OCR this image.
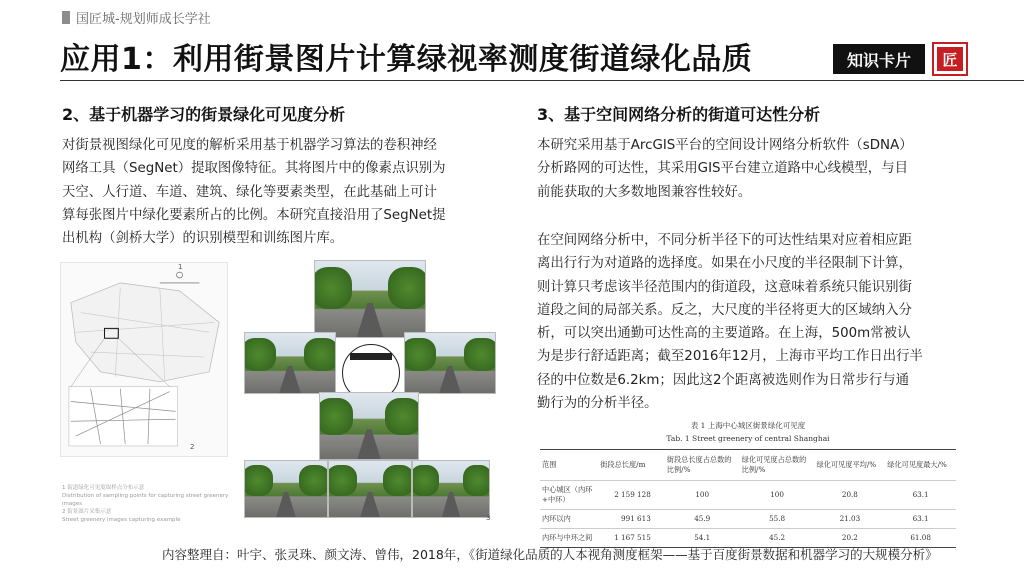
国匠城-规划师成长学社
应用1：利用街景图片计算绿视率测度街道绿化品质	知识卡片	匠
2、基于机器学习的街景绿化可见度分析
对街景视图绿化可见度的解析采用基于机器学习算法的卷积神经
网络工具（SegNet）提取图像特征。其将图片中的像素点识别为
天空、人行道、车道、建筑、绿化等要素类型，在此基础上可计
算每张图片中绿化要素所占的比例。本研究直接沿用了SegNet提
出机构（剑桥大学）的识别模型和训练图片库。
1
2
1 街道绿化可见度取样点分布示意
Distribution of sampling points for capturing street greenery images
2 街景图片采集示意
Street greenery images capturing example	3
3、基于空间网络分析的街道可达性分析
本研究采用基于ArcGIS平台的空间设计网络分析软件（sDNA）
分析路网的可达性，其采用GIS平台建立道路中心线模型，与目
前能获取的大多数地图兼容性较好。
在空间网络分析中，不同分析半径下的可达性结果对应着相应距
离出行行为对道路的选择度。如果在小尺度的半径限制下计算，
则计算只考虑该半径范围内的街道段，这意味着系统只能识别街
道段之间的局部关系。反之，大尺度的半径将更大的区域纳入分
析，可以突出通勤可达性高的主要道路。在上海，500m常被认
为是步行舒适距离；截至2016年12月，上海市平均工作日出行半
径的中位数是6.2km；因此这2个距离被选则作为日常步行与通
勤行为的分析半径。
表 1 上海中心城区街景绿化可见度
Tab. 1 Street greenery of central Shanghai
范围	街段总长度/m	街段总长度占总数的比例/%	绿化可见度占总数的比例/%	绿化可见度平均/%	绿化可见度最大/%
中心城区（内环+中环）	2 159 128	100	100	20.8	63.1
内环以内	991 613	45.9	55.8	21.03	63.1
内环与中环之间	1 167 515	54.1	45.2	20.2	61.08
内容整理自：叶宇、张灵珠、颜文涛、曾伟，2018年，《街道绿化品质的人本视角测度框架——基于百度街景数据和机器学习的大规模分析》
